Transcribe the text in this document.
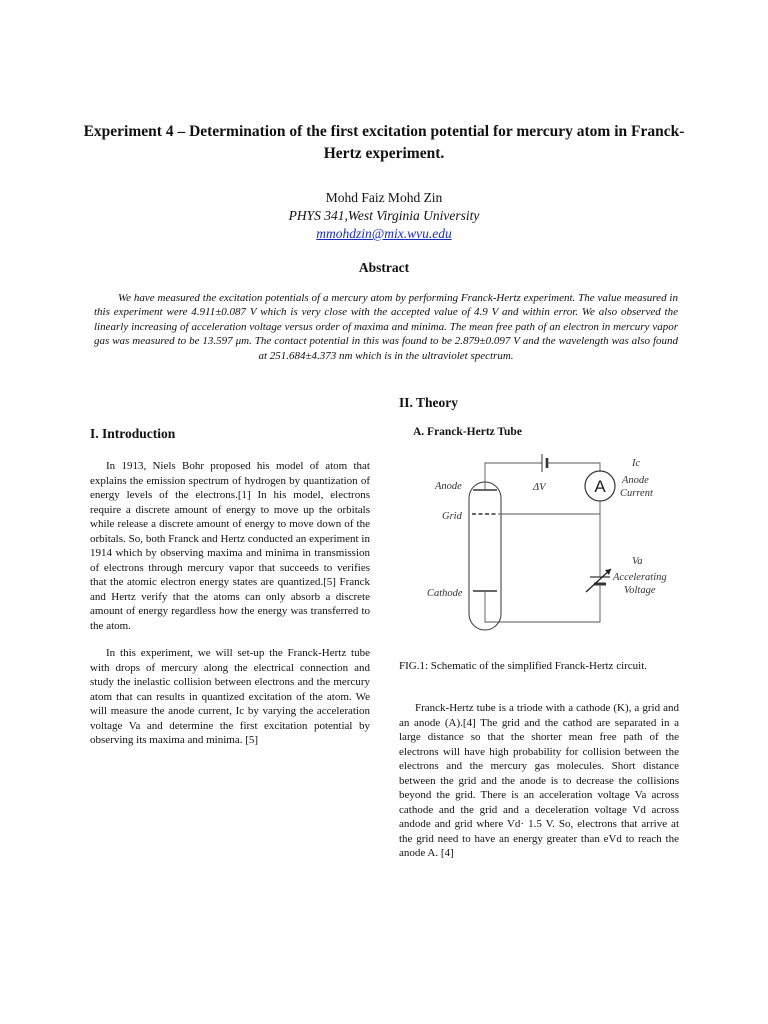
Experiment 4 – Determination of the first excitation potential for mercury atom in Franck-Hertz experiment.
Mohd Faiz Mohd Zin
PHYS 341,West Virginia University
mmohdzin@mix.wvu.edu
Abstract
We have measured the excitation potentials of a mercury atom by performing Franck-Hertz experiment. The value measured in this experiment were 4.911±0.087 V which is very close with the accepted value of 4.9 V and within error. We also observed the linearly increasing of acceleration voltage versus order of maxima and minima. The mean free path of an electron in mercury vapor gas was measured to be 13.597 μm. The contact potential in this was found to be 2.879±0.097 V and the wavelength was also found at 251.684±4.373 nm which is in the ultraviolet spectrum.
I. Introduction
In 1913, Niels Bohr proposed his model of atom that explains the emission spectrum of hydrogen by quantization of energy levels of the electrons.[1] In his model, electrons require a discrete amount of energy to move up the orbitals while release a discrete amount of energy to move down of the orbitals. So, both Franck and Hertz conducted an experiment in 1914 which by observing maxima and minima in transmission of electrons through mercury vapor that succeeds to verifies that the atomic electron energy states are quantized.[5] Franck and Hertz verify that the atoms can only absorb a discrete amount of energy regardless how the energy was transferred to the atom.
In this experiment, we will set-up the Franck-Hertz tube with drops of mercury along the electrical connection and study the inelastic collision between electrons and the mercury atom that can results in quantized excitation of the atom. We will measure the anode current, Ic by varying the acceleration voltage Va and determine the first excitation potential by observing its maxima and minima. [5]
II. Theory
A. Franck-Hertz Tube
A
Anode
Grid
Cathode
ΔV
Ic
Anode
Current
Va
Accelerating
Voltage
FIG.1: Schematic of the simplified Franck-Hertz circuit.
Franck-Hertz tube is a triode with a cathode (K), a grid and an anode (A).[4] The grid and the cathod are separated in a large distance so that the shorter mean free path of the electrons will have high probability for collision between the electrons and the mercury gas molecules. Short distance between the grid and the anode is to decrease the collisions beyond the grid. There is an acceleration voltage Va across cathode and the grid and a deceleration voltage Vd across andode and grid where Vd· 1.5 V. So, electrons that arrive at the grid need to have an energy greater than eVd to reach the anode A. [4]
